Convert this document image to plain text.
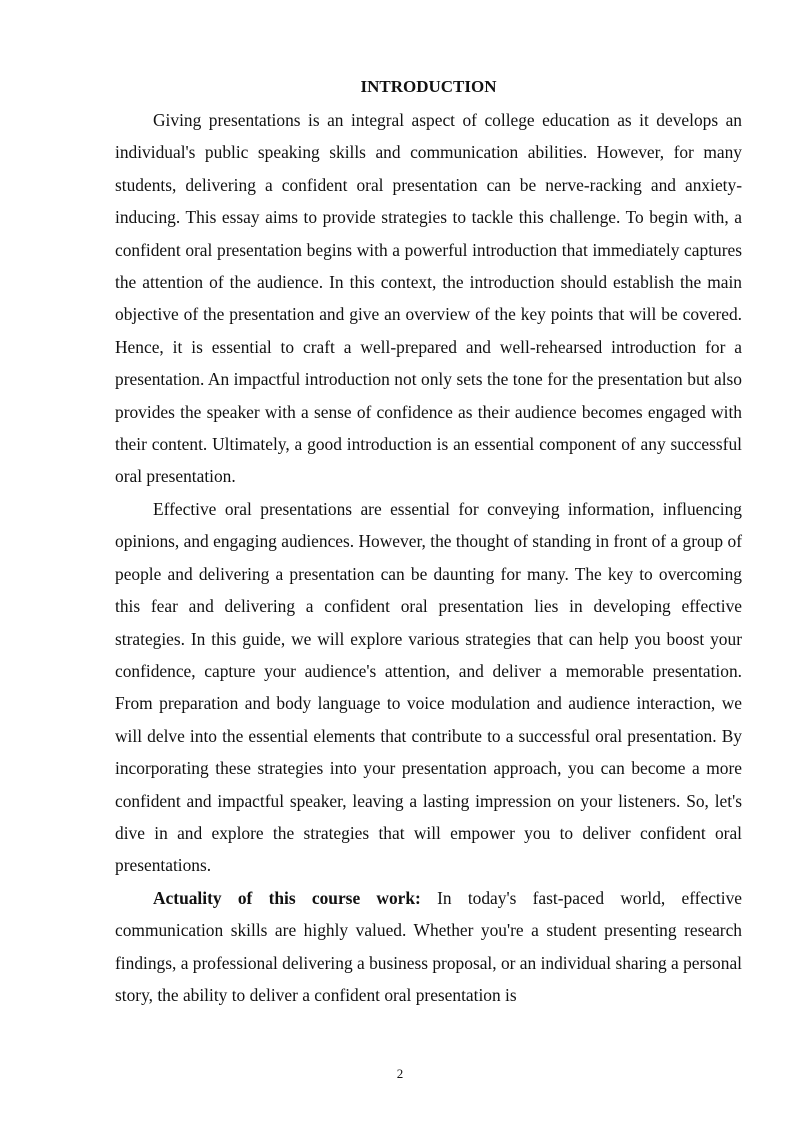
INTRODUCTION

Giving presentations is an integral aspect of college education as it develops an individual's public speaking skills and communication abilities. However, for many students, delivering a confident oral presentation can be nerve-racking and anxiety-inducing. This essay aims to provide strategies to tackle this challenge. To begin with, a confident oral presentation begins with a powerful introduction that immediately captures the attention of the audience. In this context, the introduction should establish the main objective of the presentation and give an overview of the key points that will be covered. Hence, it is essential to craft a well-prepared and well-rehearsed introduction for a presentation. An impactful introduction not only sets the tone for the presentation but also provides the speaker with a sense of confidence as their audience becomes engaged with their content. Ultimately, a good introduction is an essential component of any successful oral presentation.

Effective oral presentations are essential for conveying information, influencing opinions, and engaging audiences. However, the thought of standing in front of a group of people and delivering a presentation can be daunting for many. The key to overcoming this fear and delivering a confident oral presentation lies in developing effective strategies. In this guide, we will explore various strategies that can help you boost your confidence, capture your audience's attention, and deliver a memorable presentation. From preparation and body language to voice modulation and audience interaction, we will delve into the essential elements that contribute to a successful oral presentation. By incorporating these strategies into your presentation approach, you can become a more confident and impactful speaker, leaving a lasting impression on your listeners. So, let's dive in and explore the strategies that will empower you to deliver confident oral presentations.

Actuality of this course work: In today's fast-paced world, effective communication skills are highly valued. Whether you're a student presenting research findings, a professional delivering a business proposal, or an individual sharing a personal story, the ability to deliver a confident oral presentation is

2
